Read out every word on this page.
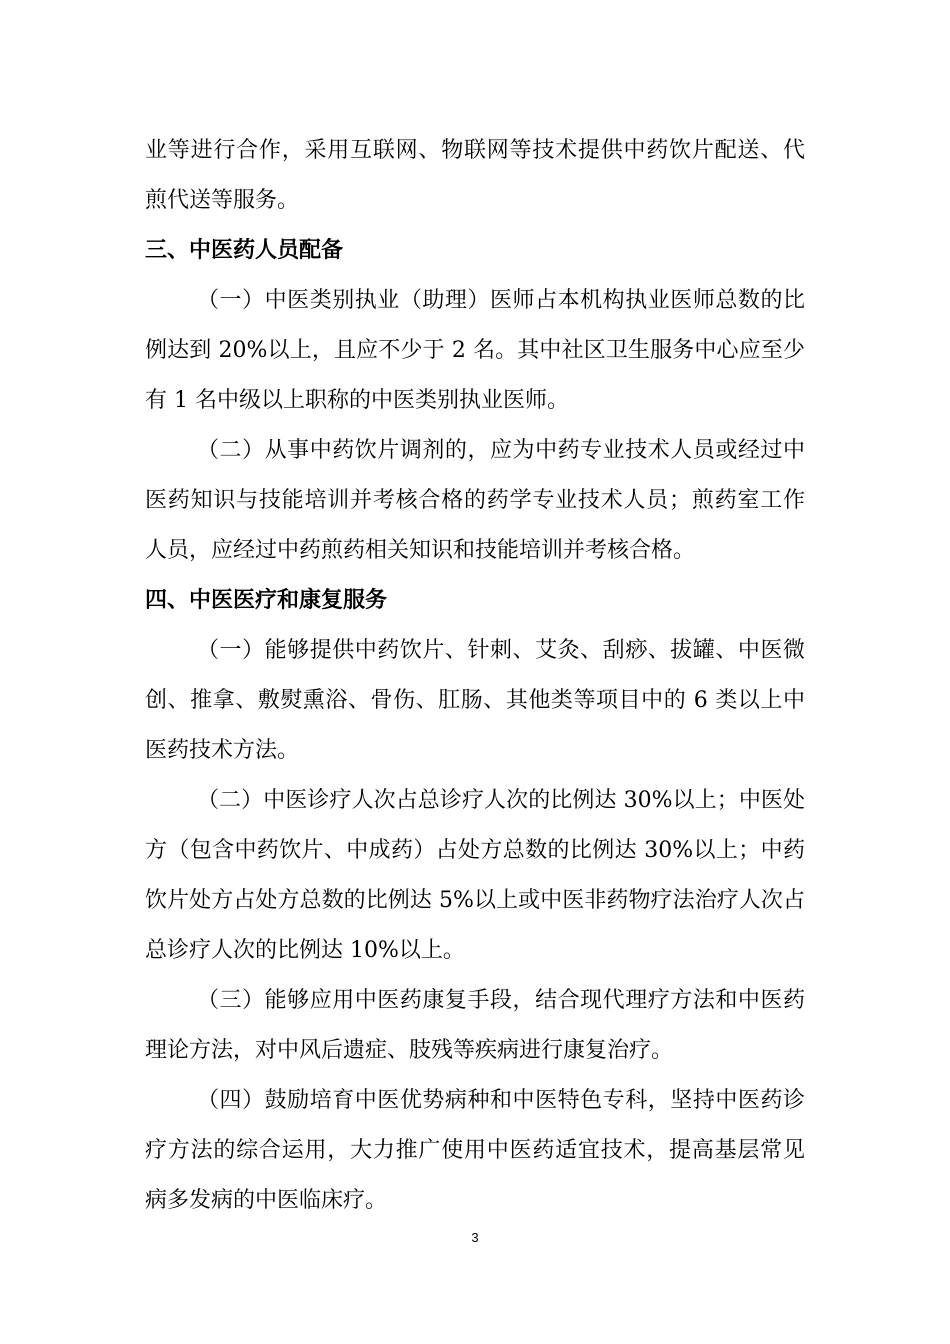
业等进行合作，采用互联网、物联网等技术提供中药饮片配送、代
煎代送等服务。
三、中医药人员配备
（一）中医类别执业（助理）医师占本机构执业医师总数的比
例达到 20%以上，且应不少于 2 名。其中社区卫生服务中心应至少
有 1 名中级以上职称的中医类别执业医师。
（二）从事中药饮片调剂的，应为中药专业技术人员或经过中
医药知识与技能培训并考核合格的药学专业技术人员；煎药室工作
人员，应经过中药煎药相关知识和技能培训并考核合格。
四、中医医疗和康复服务
（一）能够提供中药饮片、针刺、艾灸、刮痧、拔罐、中医微
创、推拿、敷熨熏浴、骨伤、肛肠、其他类等项目中的 6 类以上中
医药技术方法。
（二）中医诊疗人次占总诊疗人次的比例达 30%以上；中医处
方（包含中药饮片、中成药）占处方总数的比例达 30%以上；中药
饮片处方占处方总数的比例达 5%以上或中医非药物疗法治疗人次占
总诊疗人次的比例达 10%以上。
（三）能够应用中医药康复手段，结合现代理疗方法和中医药
理论方法，对中风后遗症、肢残等疾病进行康复治疗。
（四）鼓励培育中医优势病种和中医特色专科，坚持中医药诊
疗方法的综合运用，大力推广使用中医药适宜技术，提高基层常见
病多发病的中医临床疗。
3
